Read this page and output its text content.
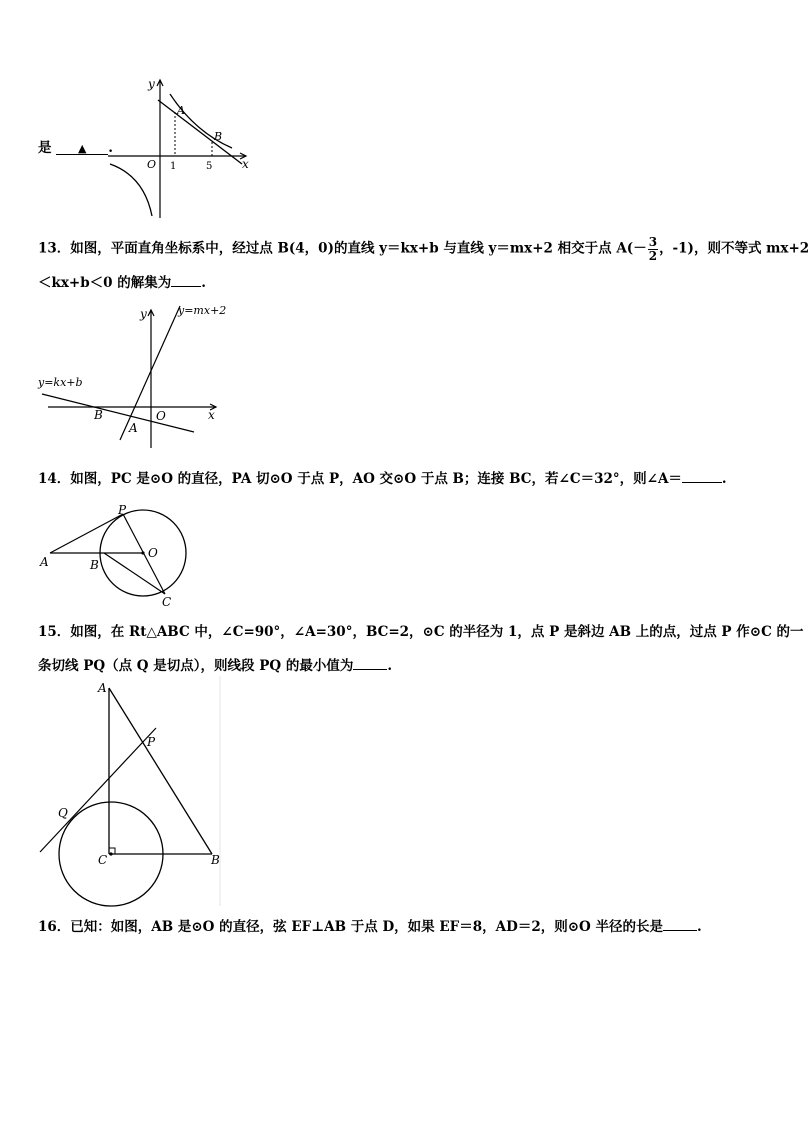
是 ▲ .
y
x
A
B
O 1	5
13．如图，平面直角坐标系中，经过点 B(4，0)的直线 y＝kx+b 与直线 y＝mx+2 相交于点 $A(- \frac{3}{2}$ ，-1)，则不等式 mx+2
＜kx+b＜0 的解集为 .
y
x
y=mx+2
y=kx+b
B	O
A
14．如图，PC 是⊙O 的直径，PA 切⊙O 于点 P，AO 交⊙O 于点 B；连接 BC，若∠C＝32°，则∠A＝	.
P
O
A	B
C
15．如图，在 Rt△ABC 中，∠C=90°，∠A=30°，BC=2，⊙C 的半径为 1，点 P 是斜边 AB 上的点，过点 P 作⊙C 的一
条切线 PQ（点 Q 是切点），则线段 PQ 的最小值为	.
A
P
Q
C	B
16．已知：如图，AB 是⊙O 的直径，弦 EF⊥AB 于点 D，如果 EF＝8，AD＝2，则⊙O 半径的长是	.
